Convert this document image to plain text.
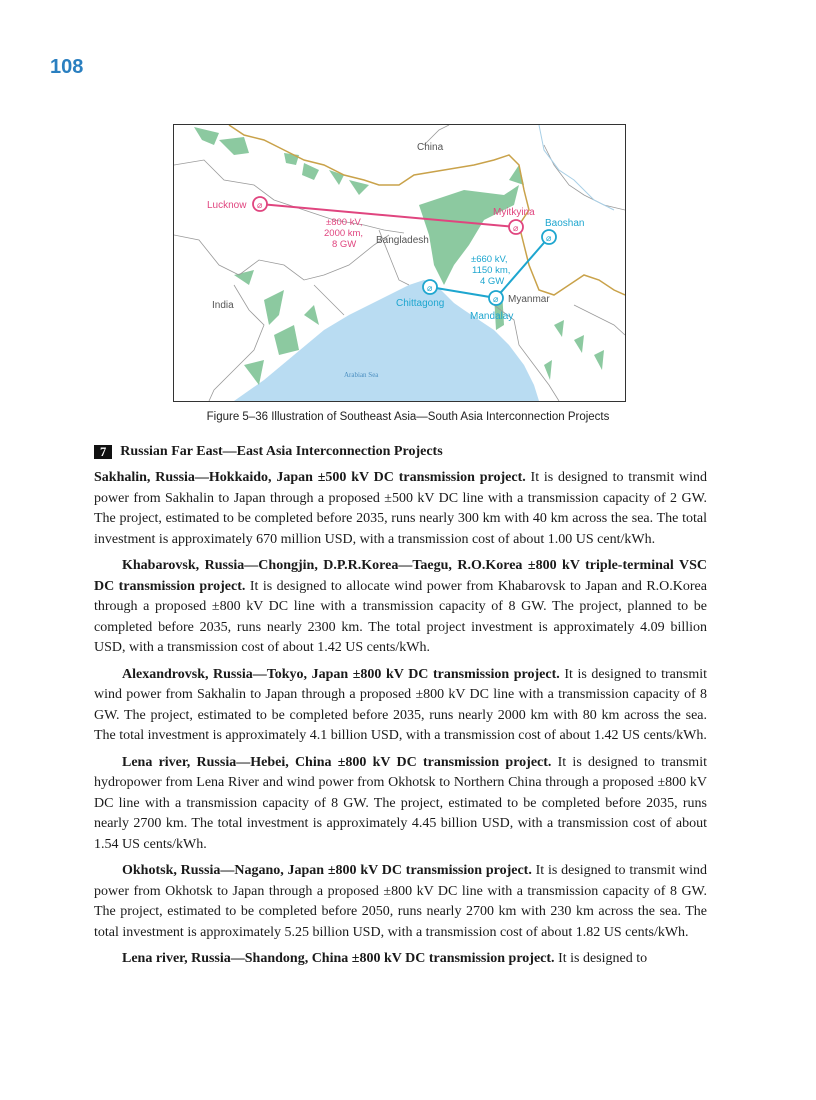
108
⌀
⌀
⌀
⌀
⌀
China
India
Bangladesh
Myanmar
Arabian Sea
Lucknow
Myitkyina
Baoshan
Chittagong
Mandalay
±800 kV,
2000 km,
8 GW
±660 kV,
1150 km,
4 GW
Figure 5‒36 Illustration of Southeast Asia—South Asia Interconnection Projects
7	Russian Far East—East Asia Interconnection Projects

Sakhalin, Russia—Hokkaido, Japan ±500 kV DC transmission project. It is designed to transmit wind power from Sakhalin to Japan through a proposed ±500 kV DC line with a transmission capacity of 2 GW. The project, estimated to be completed before 2035, runs nearly 300 km with 40 km across the sea. The total investment is approximately 670 million USD, with a transmission cost of about 1.00 US cent/kWh.

Khabarovsk, Russia—Chongjin, D.P.R.Korea—Taegu, R.O.Korea ±800 kV triple-terminal VSC DC transmission project. It is designed to allocate wind power from Khabarovsk to Japan and R.O.Korea through a proposed ±800 kV DC line with a transmission capacity of 8 GW. The project, planned to be completed before 2035, runs nearly 2300 km. The total project investment is approximately 4.09 billion USD, with a transmission cost of about 1.42 US cents/kWh.

Alexandrovsk, Russia—Tokyo, Japan ±800 kV DC transmission project. It is designed to transmit wind power from Sakhalin to Japan through a proposed ±800 kV DC line with a transmission capacity of 8 GW. The project, estimated to be completed before 2035, runs nearly 2000 km with 80 km across the sea. The total investment is approximately 4.1 billion USD, with a transmission cost of about 1.42 US cents/kWh.

Lena river, Russia—Hebei, China ±800 kV DC transmission project. It is designed to transmit hydropower from Lena River and wind power from Okhotsk to Northern China through a proposed ±800 kV DC line with a transmission capacity of 8 GW. The project, estimated to be completed before 2035, runs nearly 2700 km. The total investment is approximately 4.45 billion USD, with a transmission cost of about 1.54 US cents/kWh.

Okhotsk, Russia—Nagano, Japan ±800 kV DC transmission project. It is designed to transmit wind power from Okhotsk to Japan through a proposed ±800 kV DC line with a transmission capacity of 8 GW. The project, estimated to be completed before 2050, runs nearly 2700 km with 230 km across the sea. The total investment is approximately 5.25 billion USD, with a transmission cost of about 1.82 US cents/kWh.

Lena river, Russia—Shandong, China ±800 kV DC transmission project. It is designed to
